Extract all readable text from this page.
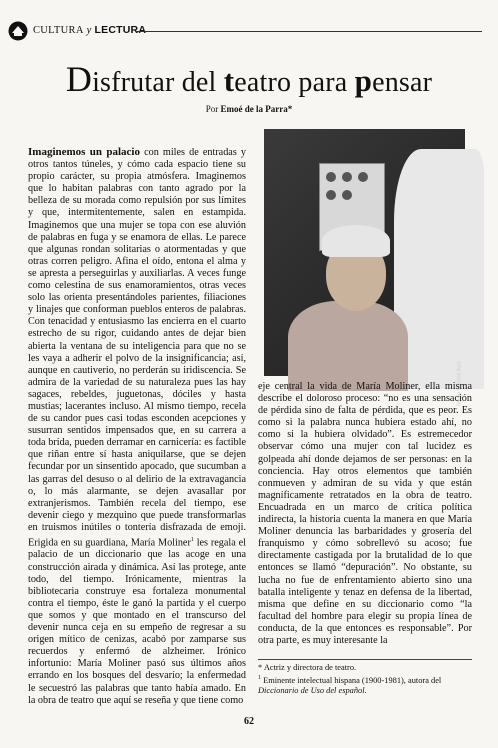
CULTURA y LECTURA
Disfrutar del teatro para pensar
Por Emoé de la Parra*
Imaginemos un palacio con miles de entradas y otros tantos túneles, y cómo cada espacio tiene su propio carácter, su propia atmósfera. Imaginemos que lo habitan palabras con tanto agrado por la belleza de su morada como repulsión por sus límites y que, intermitentemente, salen en estampida. Imaginemos que una mujer se topa con ese aluvión de palabras en fuga y se enamora de ellas. Le parece que algunas rondan solitarias o atormentadas y que otras corren peligro. Afina el oído, entona el alma y se apresta a perseguirlas y auxiliarlas. A veces funge como celestina de sus enamoramientos, otras veces solo las orienta presentándoles parientes, filiaciones y linajes que conforman pueblos enteros de palabras. Con tenacidad y entusiasmo las encierra en el cuarto estrecho de su rigor, cuidando antes de dejar bien abierta la ventana de su inteligencia para que no se les vaya a adherir el polvo de la insignificancia; así, aunque en cautiverio, no perderán su iridiscencia. Se admira de la variedad de su naturaleza pues las hay sagaces, rebeldes, juguetonas, dóciles y hasta mustias; lacerantes incluso. Al mismo tiempo, recela de su candor pues casi todas esconden acepciones y susurran sentidos impensados que, en su carrera a toda brida, pueden derramar en carnicería: es factible que riñan entre sí hasta aniquilarse, que se dejen fecundar por un sinsentido apocado, que sucumban a las garras del desuso o al delirio de la extravagancia o, lo más alarmante, se dejen avasallar por extranjerismos. También recela del tiempo, ese devenir ciego y mezquino que puede transformarlas en truismos inútiles o tontería disfrazada de emoji. Erigida en su guardiana, María Moliner$^1$ les regala el palacio de un diccionario que las acoge en una construcción airada y dinámica. Así las protege, ante todo, del tiempo. Irónicamente, mientras la bibliotecaria construye esa fortaleza monumental contra el tiempo, éste le ganó la partida y el cuerpo que somos y que montado en el transcurso del devenir nunca ceja en su empeño de regresar a su origen mítico de cenizas, acabó por zamparse sus recuerdos y enfermó de alzheimer. Irónico infortunio: María Moliner pasó sus últimos años errando en los bosques del desvarío; la enfermedad le secuestró las palabras que tanto había amado. En la obra de teatro que aquí se reseña y que tiene como
Sergio Carreón Ilust
eje central la vida de María Moliner, ella misma describe el doloroso proceso: “no es una sensación de pérdida sino de falta de pérdida, que es peor. Es como si la palabra nunca hubiera estado ahí, no como si la hubiera olvidado”. Es estremecedor observar cómo una mujer con tal lucidez es golpeada ahí donde dejamos de ser personas: en la conciencia. Hay otros elementos que también conmueven y admiran de su vida y que están magníficamente retratados en la obra de teatro. Encuadrada en un marco de crítica política indirecta, la historia cuenta la manera en que María Moliner denuncia las barbaridades y grosería del franquismo y cómo sobrellevó su acoso; fue directamente castigada por la brutalidad de lo que entonces se llamó “depuración”. No obstante, su lucha no fue de enfrentamiento abierto sino una batalla inteligente y tenaz en defensa de la libertad, misma que define en su diccionario como “la facultad del hombre para elegir su propia línea de conducta, de la que entonces es responsable”. Por otra parte, es muy interesante la

* Actriz y directora de teatro.

$^1$ Eminente intelectual hispana (1900-1981), autora del Diccionario de Uso del español.

62
